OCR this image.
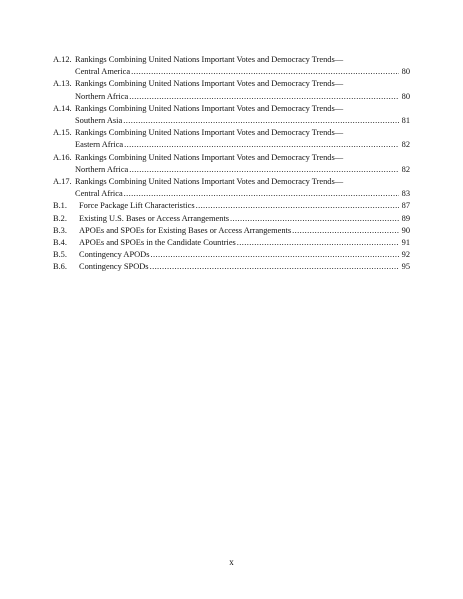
A.12. Rankings Combining United Nations Important Votes and Democracy Trends—
Central America .....	80
A.13. Rankings Combining United Nations Important Votes and Democracy Trends—
Northern Africa .....	80
A.14. Rankings Combining United Nations Important Votes and Democracy Trends—
Southern Asia .....	81
A.15. Rankings Combining United Nations Important Votes and Democracy Trends—
Eastern Africa .....	82
A.16. Rankings Combining United Nations Important Votes and Democracy Trends—
Northern Africa .....	82
A.17. Rankings Combining United Nations Important Votes and Democracy Trends—
Central Africa .....	83
B.1.	Force Package Lift Characteristics .....	87
B.2.	Existing U.S. Bases or Access Arrangements .....	89
B.3.	APOEs and SPOEs for Existing Bases or Access Arrangements .....	90
B.4.	APOEs and SPOEs in the Candidate Countries .....	91
B.5.	Contingency APODs .....	92
B.6.	Contingency SPODs .....	95
x
